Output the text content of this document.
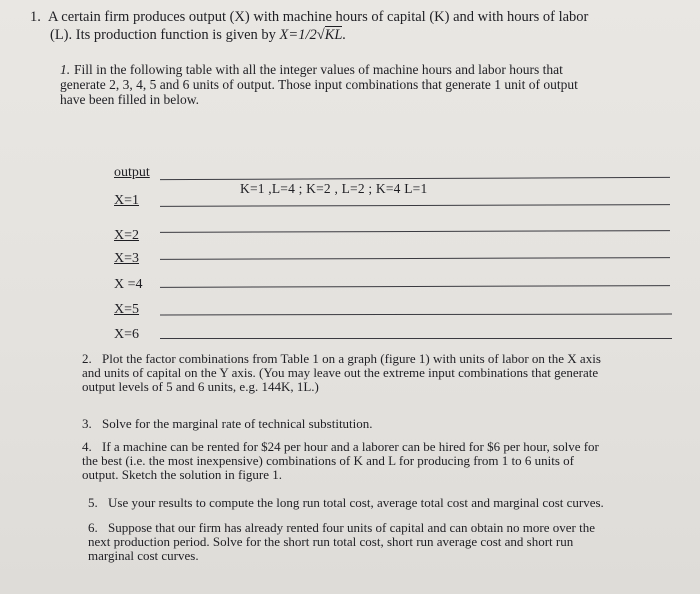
1. A certain firm produces output (X) with machine hours of capital (K) and with hours of labor
(L). Its production function is given by X=1/2√KL.
1. Fill in the following table with all the integer values of machine hours and labor hours that
generate 2, 3, 4, 5 and 6 units of output. Those input combinations that generate 1 unit of output
have been filled in below.
output
K=1 ,L=4 ; K=2 , L=2 ; K=4 L=1
X=1
X=2
X=3
X =4
X=5
X=6
2. Plot the factor combinations from Table 1 on a graph (figure 1) with units of labor on the X axis
and units of capital on the Y axis. (You may leave out the extreme input combinations that generate
output levels of 5 and 6 units, e.g. 144K, 1L.)
3. Solve for the marginal rate of technical substitution.
4. If a machine can be rented for $24 per hour and a laborer can be hired for $6 per hour, solve for
the best (i.e. the most inexpensive) combinations of K and L for producing from 1 to 6 units of
output. Sketch the solution in figure 1.
5. Use your results to compute the long run total cost, average total cost and marginal cost curves.
6. Suppose that our firm has already rented four units of capital and can obtain no more over the
next production period. Solve for the short run total cost, short run average cost and short run
marginal cost curves.
